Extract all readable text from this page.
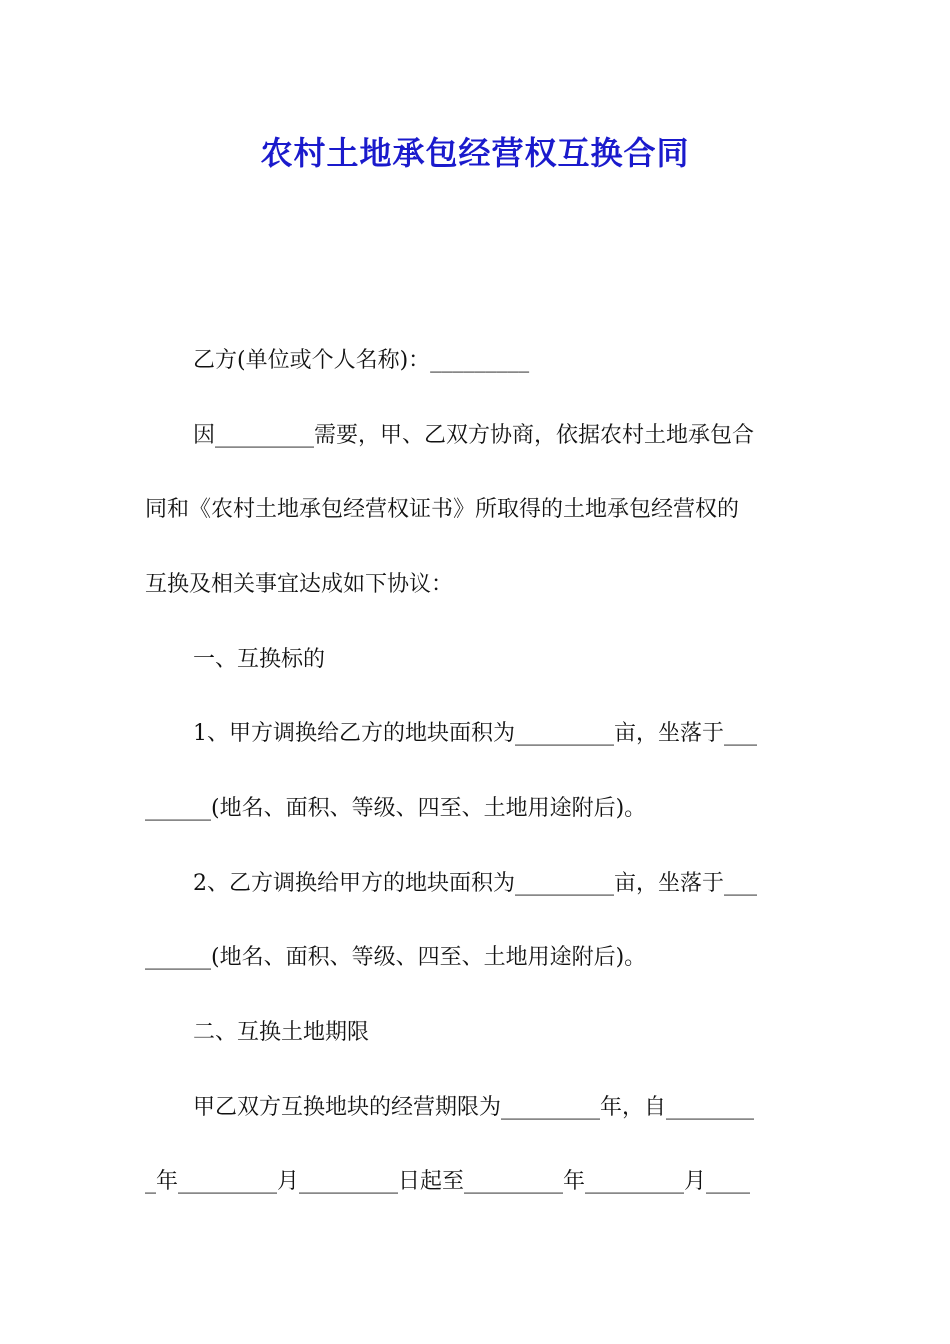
农村土地承包经营权互换合同
乙方(单位或个人名称)：_________
因_________需要，甲、乙双方协商，依据农村土地承包合
同和《农村土地承包经营权证书》所取得的土地承包经营权的
互换及相关事宜达成如下协议：
一、互换标的
1、甲方调换给乙方的地块面积为_________亩，坐落于___
______(地名、面积、等级、四至、土地用途附后)。
2、乙方调换给甲方的地块面积为_________亩，坐落于___
______(地名、面积、等级、四至、土地用途附后)。
二、互换土地期限
甲乙双方互换地块的经营期限为_________年，自________
_年_________月_________日起至_________年_________月____
